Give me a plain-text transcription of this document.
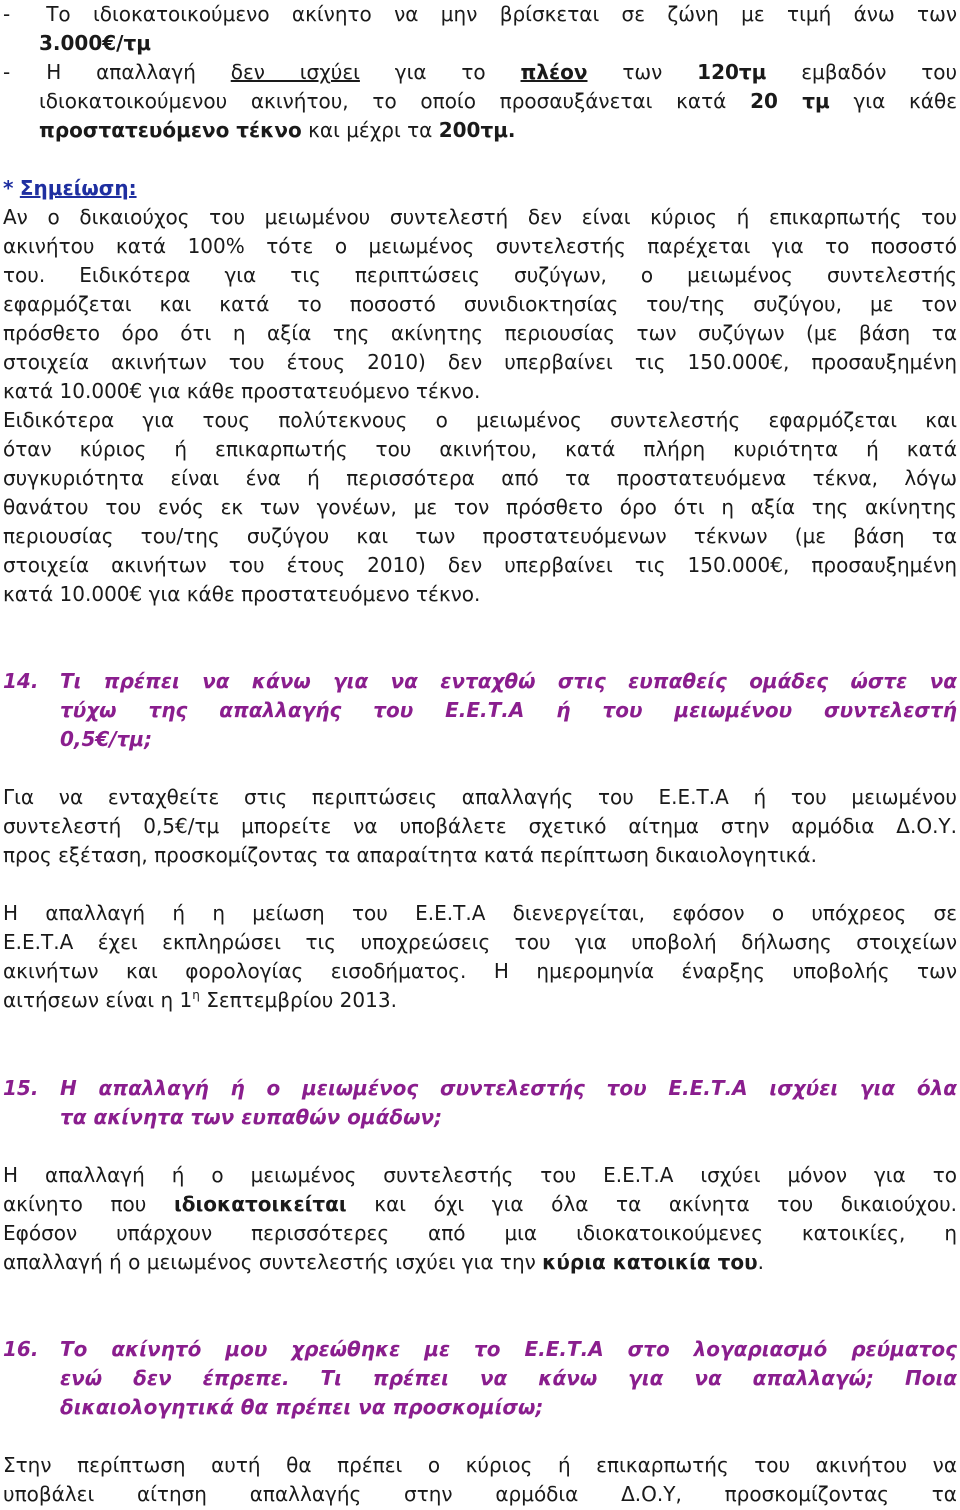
- Το ιδιοκατοικούμενο ακίνητο να μην βρίσκεται σε ζώνη με τιμή άνω των
3.000€/τμ
- Η απαλλαγή δεν ισχύει για το πλέον των 120τμ εμβαδόν του
ιδιοκατοικούμενου ακινήτου, το οποίο προσαυξάνεται κατά 20 τμ για κάθε
προστατευόμενο τέκνο και μέχρι τα 200τμ.
* Σημείωση:
Αν ο δικαιούχος του μειωμένου συντελεστή δεν είναι κύριος ή επικαρπωτής του
ακινήτου κατά 100% τότε ο μειωμένος συντελεστής παρέχεται για το ποσοστό
του. Ειδικότερα για τις περιπτώσεις συζύγων, ο μειωμένος συντελεστής
εφαρμόζεται και κατά το ποσοστό συνιδιοκτησίας του/της συζύγου, με τον
πρόσθετο όρο ότι η αξία της ακίνητης περιουσίας των συζύγων (με βάση τα
στοιχεία ακινήτων του έτους 2010) δεν υπερβαίνει τις 150.000€, προσαυξημένη
κατά 10.000€ για κάθε προστατευόμενο τέκνο.
Ειδικότερα για τους πολύτεκνους ο μειωμένος συντελεστής εφαρμόζεται και
όταν κύριος ή επικαρπωτής του ακινήτου, κατά πλήρη κυριότητα ή κατά
συγκυριότητα είναι ένα ή περισσότερα από τα προστατευόμενα τέκνα, λόγω
θανάτου του ενός εκ των γονέων, με τον πρόσθετο όρο ότι η αξία της ακίνητης
περιουσίας του/της συζύγου και των προστατευόμενων τέκνων (με βάση τα
στοιχεία ακινήτων του έτους 2010) δεν υπερβαίνει τις 150.000€, προσαυξημένη
κατά 10.000€ για κάθε προστατευόμενο τέκνο.
14. Τι πρέπει να κάνω για να ενταχθώ στις ευπαθείς ομάδες ώστε να
τύχω της απαλλαγής του Ε.Ε.Τ.Α ή του μειωμένου συντελεστή
0,5€/τμ;
Για να ενταχθείτε στις περιπτώσεις απαλλαγής του Ε.Ε.Τ.Α ή του μειωμένου
συντελεστή 0,5€/τμ μπορείτε να υποβάλετε σχετικό αίτημα στην αρμόδια Δ.Ο.Υ.
προς εξέταση, προσκομίζοντας τα απαραίτητα κατά περίπτωση δικαιολογητικά.
Η απαλλαγή ή η μείωση του Ε.Ε.Τ.Α διενεργείται, εφόσον ο υπόχρεος σε
Ε.Ε.Τ.Α έχει εκπληρώσει τις υποχρεώσεις του για υποβολή δήλωσης στοιχείων
ακινήτων και φορολογίας εισοδήματος. Η ημερομηνία έναρξης υποβολής των
αιτήσεων είναι η $1^\eta$ Σεπτεμβρίου 2013.
15. Η απαλλαγή ή ο μειωμένος συντελεστής του Ε.Ε.Τ.Α ισχύει για όλα
τα ακίνητα των ευπαθών ομάδων;
Η απαλλαγή ή ο μειωμένος συντελεστής του Ε.Ε.Τ.Α ισχύει μόνον για το
ακίνητο που ιδιοκατοικείται και όχι για όλα τα ακίνητα του δικαιούχου.
Εφόσον υπάρχουν περισσότερες από μια ιδιοκατοικούμενες κατοικίες, η
απαλλαγή ή ο μειωμένος συντελεστής ισχύει για την κύρια κατοικία του.
16. Το ακίνητό μου χρεώθηκε με το Ε.Ε.Τ.Α στο λογαριασμό ρεύματος
ενώ δεν έπρεπε. Τι πρέπει να κάνω για να απαλλαγώ; Ποια
δικαιολογητικά θα πρέπει να προσκομίσω;
Στην περίπτωση αυτή θα πρέπει ο κύριος ή επικαρπωτής του ακινήτου να
υποβάλει αίτηση απαλλαγής στην αρμόδια Δ.Ο.Υ, προσκομίζοντας τα
